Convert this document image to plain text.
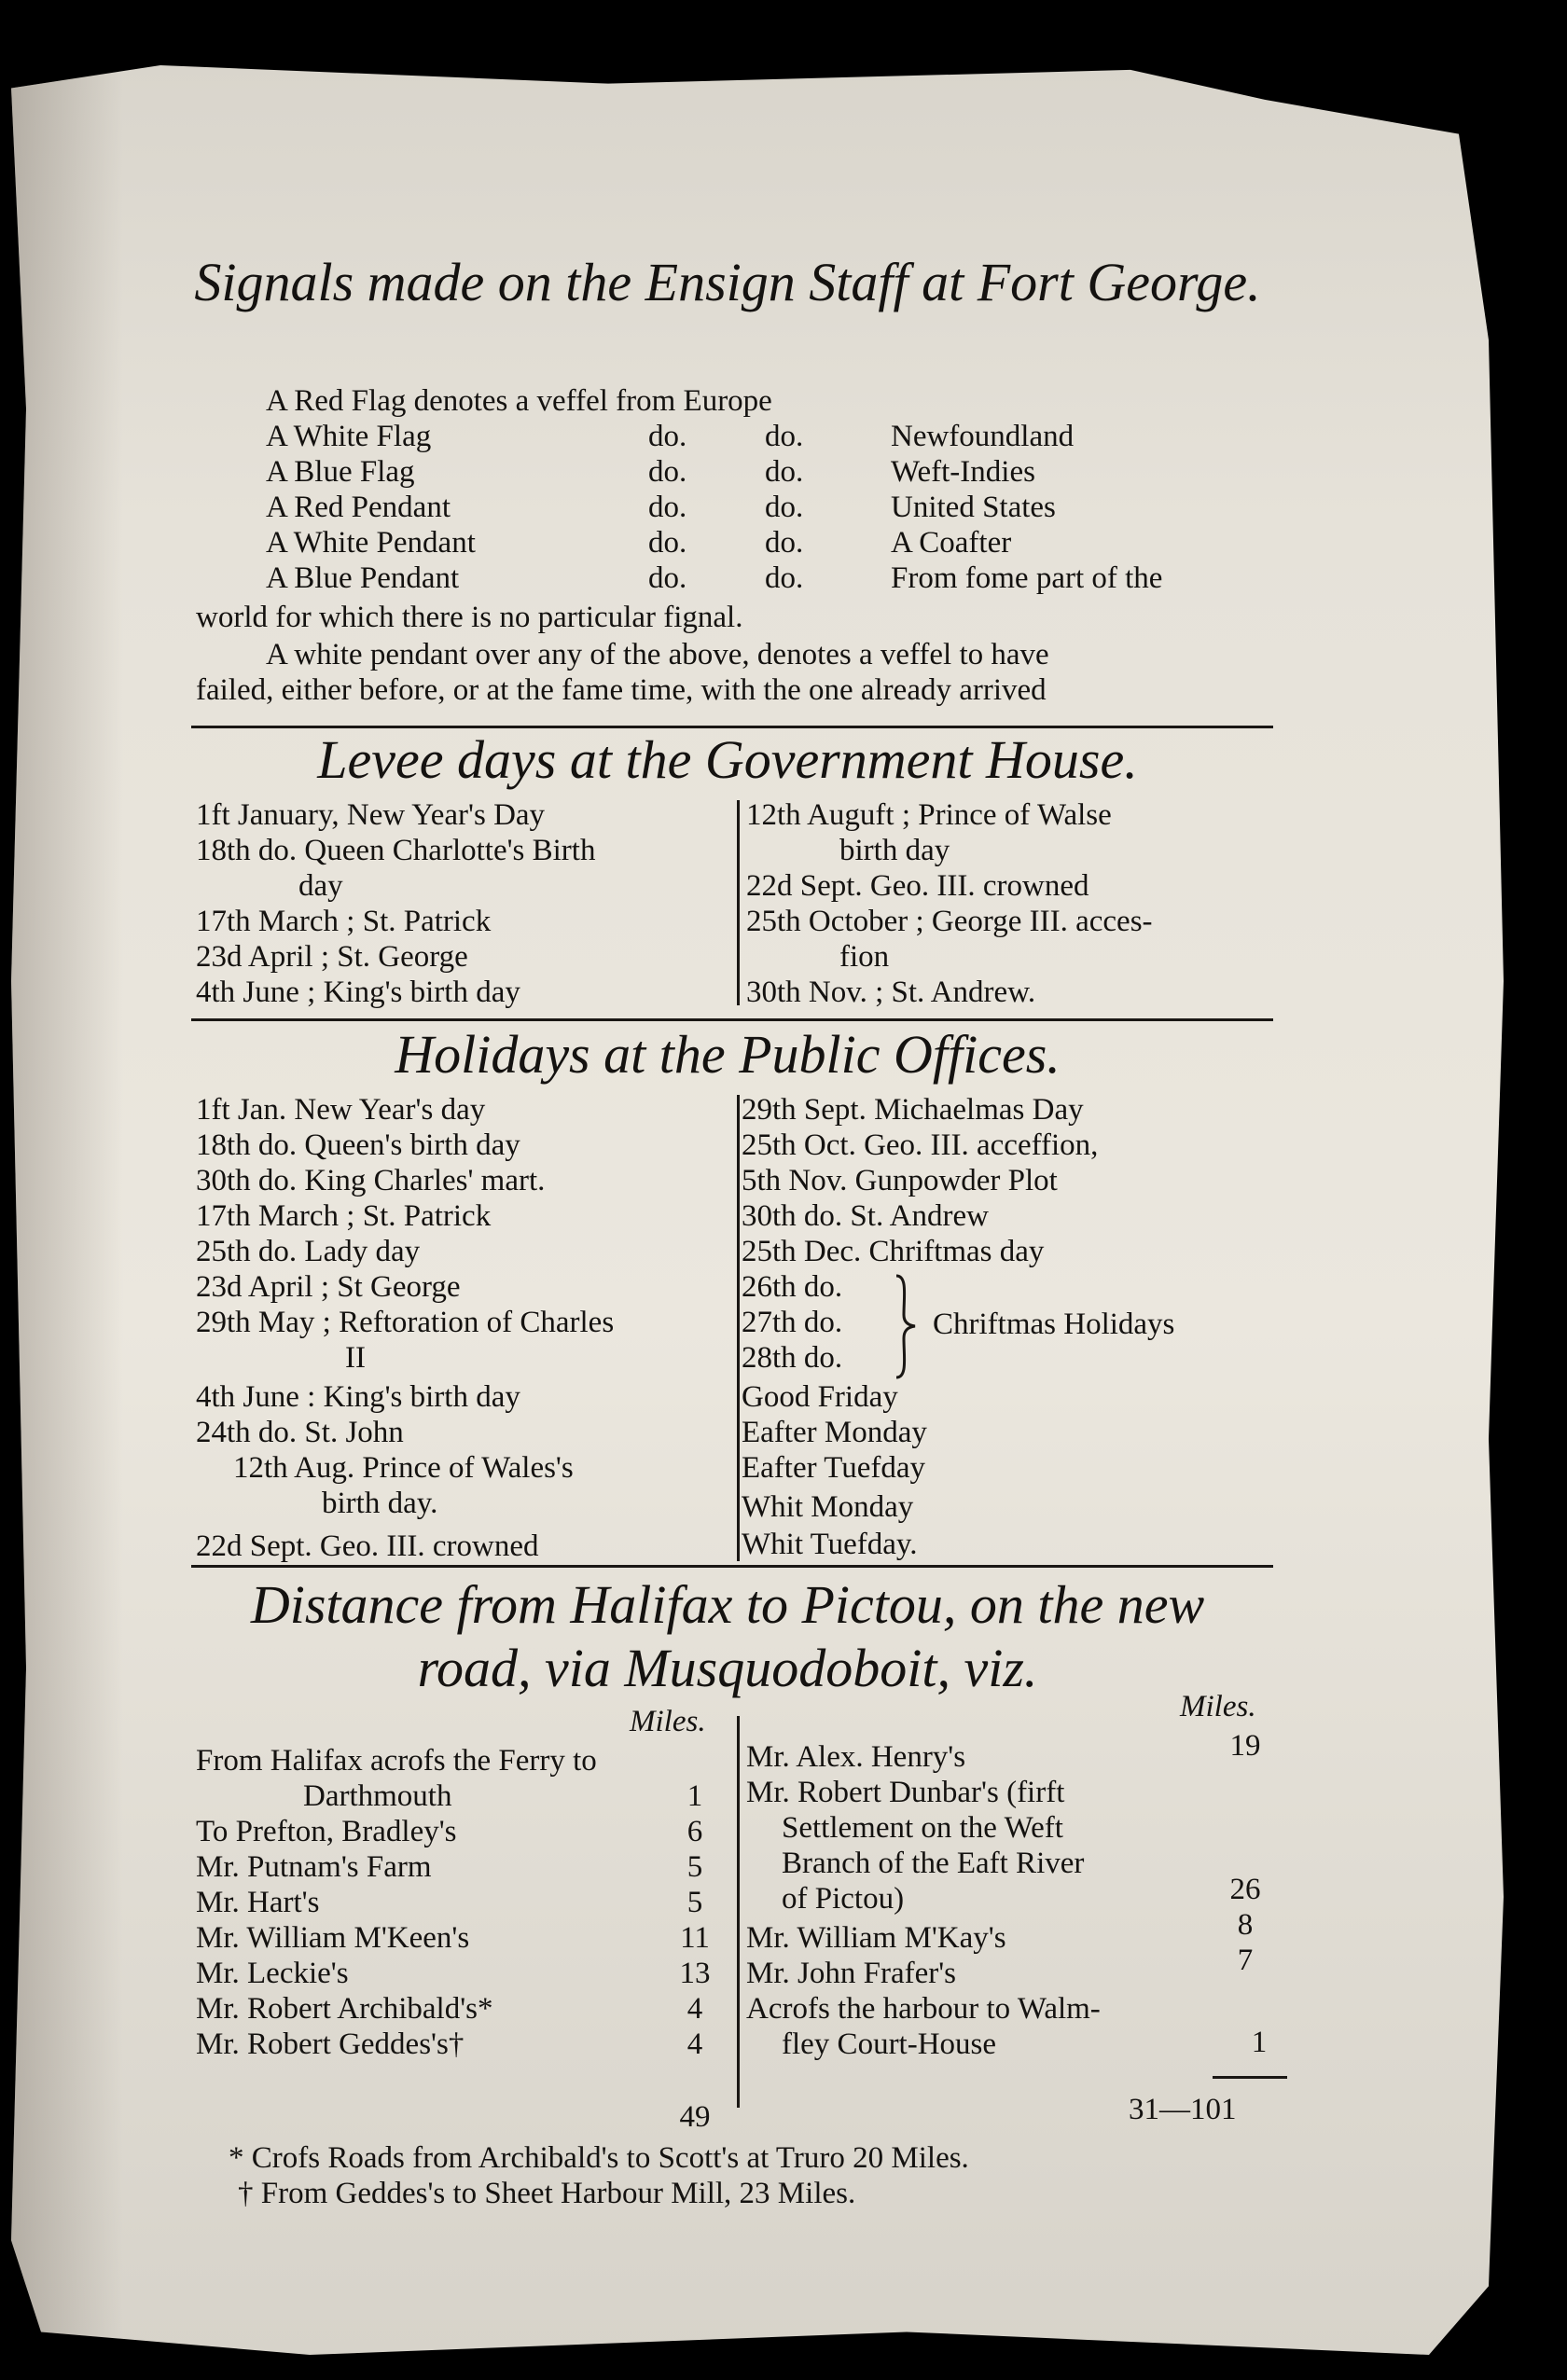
Signals made on the Ensign Staff at Fort George.
A Red Flag denotes a veffel from Europe
A White Flag	do.	do.	Newfoundland
A Blue Flag	do.	do.	Weft-Indies
A Red Pendant	do.	do.	United States
A White Pendant	do.	do.	A Coafter
A Blue Pendant	do.	do.	From fome part of the
world for which there is no particular fignal.
A white pendant over any of the above, denotes a veffel to have
failed, either before, or at the fame time, with the one already arrived
Levee days at the Government House.
1ft January, New Year's Day
18th do. Queen Charlotte's Birth
day
17th March ; St. Patrick
23d April ; St. George
4th June ; King's birth day
12th Auguft ; Prince of Walse
birth day
22d Sept. Geo. III. crowned
25th October ; George III. acces-
fion
30th Nov. ; St. Andrew.
Holidays at the Public Offices.
1ft Jan. New Year's day
18th do. Queen's birth day
30th do. King Charles' mart.
17th March ; St. Patrick
25th do. Lady day
23d April ; St George
29th May ; Reftoration of Charles
II
4th June : King's birth day
24th do. St. John
12th Aug. Prince of Wales's
birth day.
22d Sept. Geo. III. crowned
29th Sept. Michaelmas Day
25th Oct. Geo. III. acceffion,
5th Nov. Gunpowder Plot
30th do. St. Andrew
25th Dec. Chriftmas day
26th do.
27th do.
28th do.
Good Friday
Eafter Monday
Eafter Tuefday
Whit Monday
Whit Tuefday.
Chriftmas Holidays
Distance from Halifax to Pictou, on the new
road, via Musquodoboit, viz.
Miles.	Miles.
From Halifax acrofs the Ferry to
Darthmouth	1
To Prefton, Bradley's	6
Mr. Putnam's Farm	5
Mr. Hart's	5
Mr. William M'Keen's	11
Mr. Leckie's	13
Mr. Robert Archibald's*	4
Mr. Robert Geddes's†	4
49
Mr. Alex. Henry's	19
Mr. Robert Dunbar's (firft
Settlement on the Weft
Branch of the Eaft River
of Pictou)	26
Mr. William M'Kay's	8
Mr. John Frafer's	7
Acrofs the harbour to Walm-
fley Court-House	1
31—101
* Crofs Roads from Archibald's to Scott's at Truro 20 Miles.
† From Geddes's to Sheet Harbour Mill, 23 Miles.
